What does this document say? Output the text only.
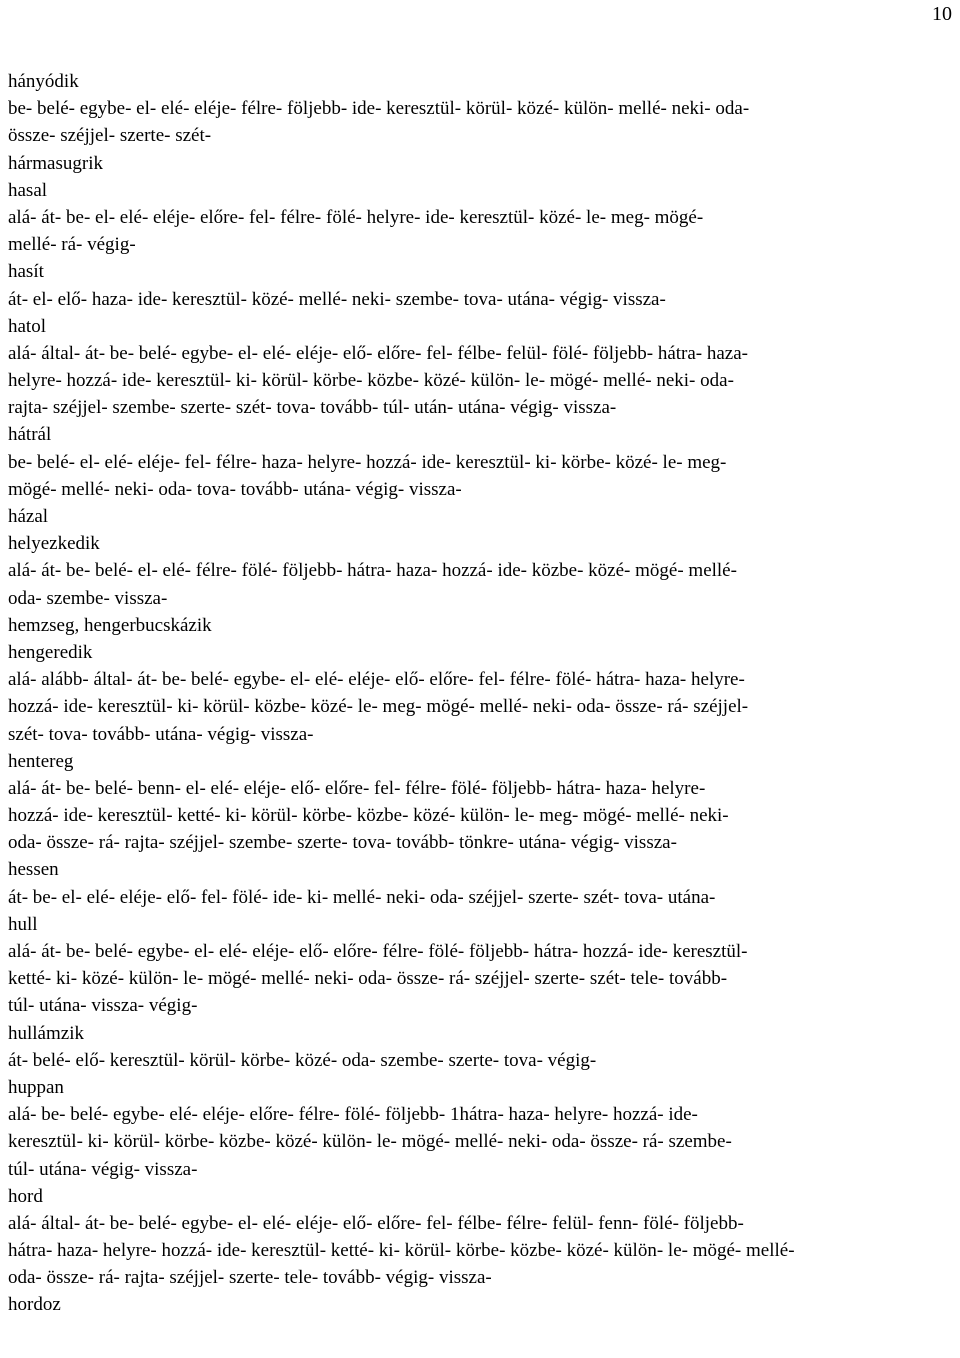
10
hányódik
be- belé- egybe- el- elé- eléje- félre- följebb- ide- keresztül- körül- közé- külön- mellé- neki- oda-
össze- széjjel- szerte- szét-
hármasugrik
hasal
alá- át- be- el- elé- eléje- előre- fel- félre- fölé- helyre- ide- keresztül- közé- le- meg- mögé-
mellé- rá- végig-
hasít
át- el- elő- haza- ide- keresztül- közé- mellé- neki- szembe- tova- utána- végig- vissza-
hatol
alá- által- át- be- belé- egybe- el- elé- eléje- elő- előre- fel- félbe- felül- fölé- följebb- hátra- haza-
helyre- hozzá- ide- keresztül- ki- körül- körbe- közbe- közé- külön- le- mögé- mellé- neki- oda-
rajta- széjjel- szembe- szerte- szét- tova- tovább- túl- után- utána- végig- vissza-
hátrál
be- belé- el- elé- eléje- fel- félre- haza- helyre- hozzá- ide- keresztül- ki- körbe- közé- le- meg-
mögé- mellé- neki- oda- tova- tovább- utána- végig- vissza-
házal
helyezkedik
alá- át- be- belé- el- elé- félre- fölé- följebb- hátra- haza- hozzá- ide- közbe- közé- mögé- mellé-
oda- szembe- vissza-
hemzseg, hengerbucskázik
hengeredik
alá- alább- által- át- be- belé- egybe- el- elé- eléje- elő- előre- fel- félre- fölé- hátra- haza- helyre-
hozzá- ide- keresztül- ki- körül- közbe- közé- le- meg- mögé- mellé- neki- oda- össze- rá- széjjel-
szét- tova- tovább- utána- végig- vissza-
hentereg
alá- át- be- belé- benn- el- elé- eléje- elő- előre- fel- félre- fölé- följebb- hátra- haza- helyre-
hozzá- ide- keresztül- ketté- ki- körül- körbe- közbe- közé- külön- le- meg- mögé- mellé- neki-
oda- össze- rá- rajta- széjjel- szembe- szerte- tova- tovább- tönkre- utána- végig- vissza-
hessen
át- be- el- elé- eléje- elő- fel- fölé- ide- ki- mellé- neki- oda- széjjel- szerte- szét- tova- utána-
hull
alá- át- be- belé- egybe- el- elé- eléje- elő- előre- félre- fölé- följebb- hátra- hozzá- ide- keresztül-
ketté- ki- közé- külön- le- mögé- mellé- neki- oda- össze- rá- széjjel- szerte- szét- tele- tovább-
túl- utána- vissza- végig-
hullámzik
át- belé- elő- keresztül- körül- körbe- közé- oda- szembe- szerte- tova- végig-
huppan
alá- be- belé- egybe- elé- eléje- előre- félre- fölé- följebb- 1hátra- haza- helyre- hozzá- ide-
keresztül- ki- körül- körbe- közbe- közé- külön- le- mögé- mellé- neki- oda- össze- rá- szembe-
túl- utána- végig- vissza-
hord
alá- által- át- be- belé- egybe- el- elé- eléje- elő- előre- fel- félbe- félre- felül- fenn- fölé- följebb-
hátra- haza- helyre- hozzá- ide- keresztül- ketté- ki- körül- körbe- közbe- közé- külön- le- mögé- mellé-
oda- össze- rá- rajta- széjjel- szerte- tele- tovább- végig- vissza-
hordoz
